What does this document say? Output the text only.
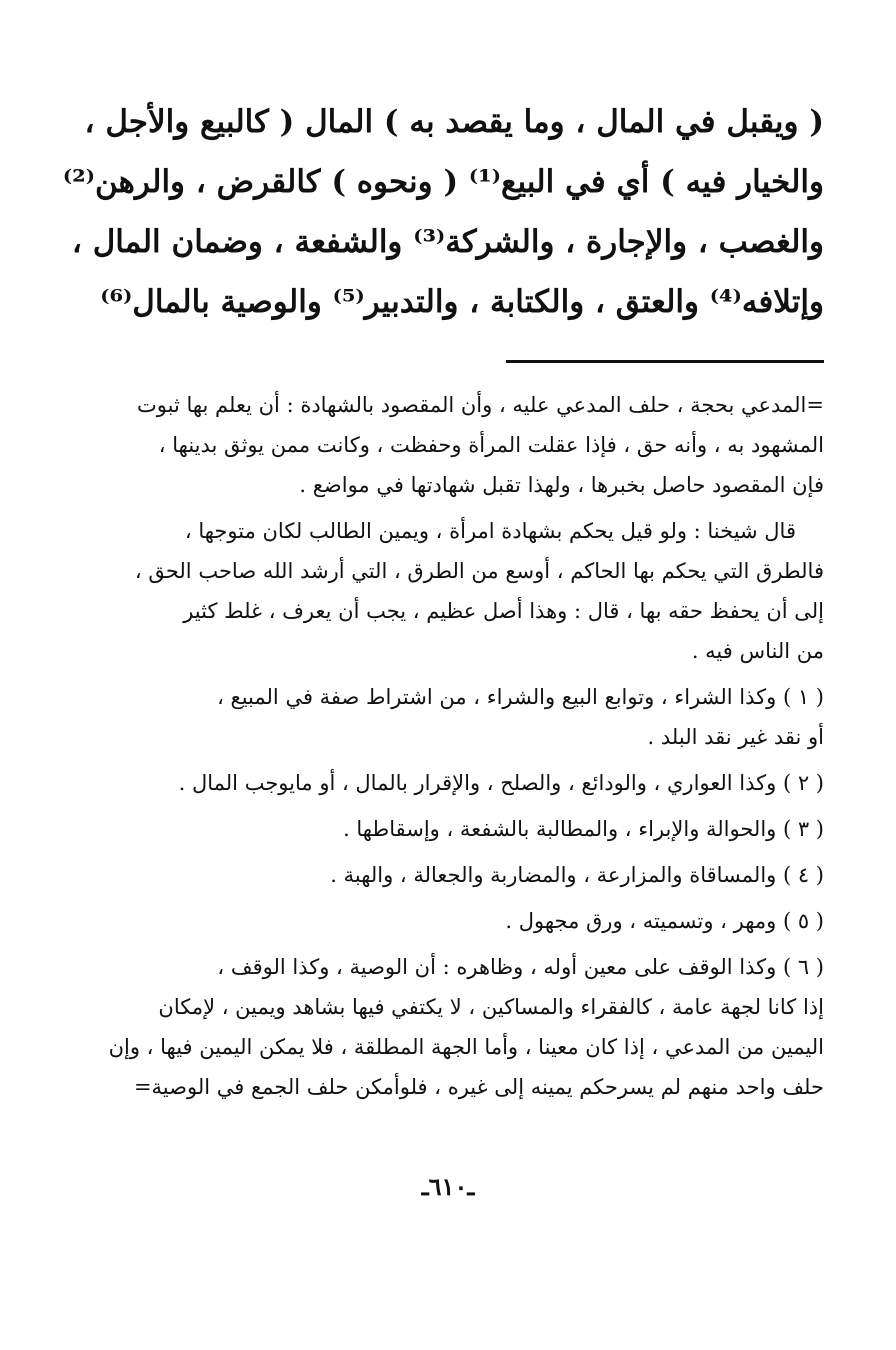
( ويقبل في المال ، وما يقصد به ) المال ( كالبيع والأجل ،
والخيار فيه ) أي في البيع⁽¹⁾ ( ونحوه ) كالقرض ، والرهن⁽²⁾
والغصب ، والإجارة ، والشركة⁽³⁾ والشفعة ، وضمان المال ،
وإتلافه⁽⁴⁾ والعتق ، والكتابة ، والتدبير⁽⁵⁾ والوصية بالمال⁽⁶⁾
=المدعي بحجة ، حلف المدعي عليه ، وأن المقصود بالشهادة : أن يعلم بها ثبوت
المشهود به ، وأنه حق ، فإذا عقلت المرأة وحفظت ، وكانت ممن يوثق بدينها ،
فإن المقصود حاصل بخبرها ، ولهذا تقبل شهادتها في مواضع .
قال شيخنا : ولو قيل يحكم بشهادة امرأة ، ويمين الطالب لكان متوجها ،
فالطرق التي يحكم بها الحاكم ، أوسع من الطرق ، التي أرشد الله صاحب الحق ،
إلى أن يحفظ حقه بها ، قال : وهذا أصل عظيم ، يجب أن يعرف ، غلط كثير
من الناس فيه .
( ١ ) وكذا الشراء ، وتوابع البيع والشراء ، من اشتراط صفة في المبيع ،
أو نقد غير نقد البلد .
( ٢ ) وكذا العواري ، والودائع ، والصلح ، والإقرار بالمال ، أو مايوجب المال .
( ٣ ) والحوالة والإبراء ، والمطالبة بالشفعة ، وإسقاطها .
( ٤ ) والمساقاة والمزارعة ، والمضاربة والجعالة ، والهبة .
( ٥ ) ومهر ، وتسميته ، ورق مجهول .
( ٦ ) وكذا الوقف على معين أوله ، وظاهره : أن الوصية ، وكذا الوقف ،
إذا كانا لجهة عامة ، كالفقراء والمساكين ، لا يكتفي فيها بشاهد ويمين ، لإمكان
اليمين من المدعي ، إذا كان معينا ، وأما الجهة المطلقة ، فلا يمكن اليمين فيها ، وإن
حلف واحد منهم لم يسرحكم يمينه إلى غيره ، فلوأمكن حلف الجمع في الوصية=
ـ٦١٠ـ
